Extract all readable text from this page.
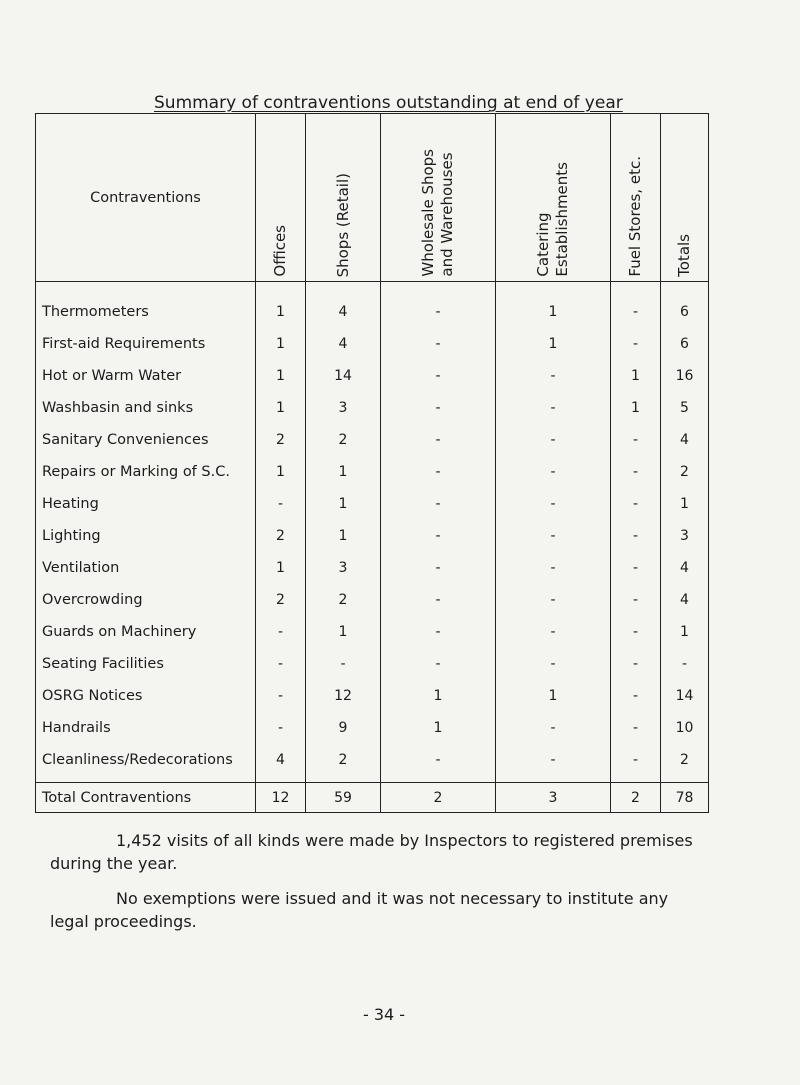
Summary of contraventions outstanding at end of year
Contraventions	Offices	Shops (Retail)	Wholesale Shops and Warehouses	Catering Establishments	Fuel Stores, etc.	Totals

Thermometers	1	4	-	1	-	6
First-aid Requirements	1	4	-	1	-	6
Hot or Warm Water	1	14	-	-	1	16
Washbasin and sinks	1	3	-	-	1	5
Sanitary Conveniences	2	2	-	-	-	4
Repairs or Marking of S.C.	1	1	-	-	-	2
Heating	-	1	-	-	-	1
Lighting	2	1	-	-	-	3
Ventilation	1	3	-	-	-	4
Overcrowding	2	2	-	-	-	4
Guards on Machinery	-	1	-	-	-	1
Seating Facilities	-	-	-	-	-	-
OSRG Notices	-	12	1	1	-	14
Handrails	-	9	1	-	-	10
Cleanliness/Redecorations	4	2	-	-	-	2
Total Contraventions	12	59	2	3	2	78
1,452 visits of all kinds were made by Inspectors to registered premises during the year.
No exemptions were issued and it was not necessary to institute any legal proceedings.
- 34 -
